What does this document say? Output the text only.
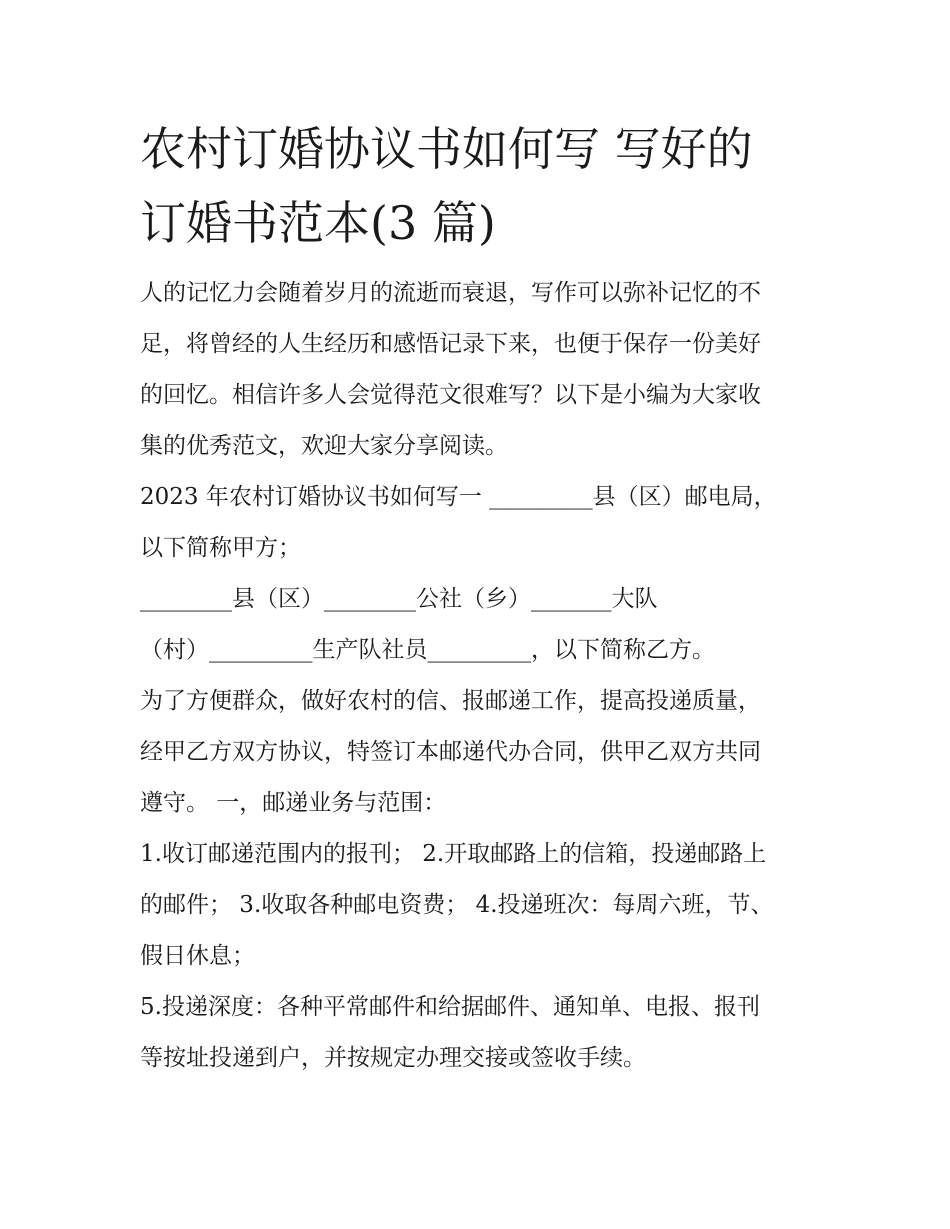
农村订婚协议书如何写 写好的
订婚书范本(3 篇)

人的记忆力会随着岁月的流逝而衰退，写作可以弥补记忆的不
足，将曾经的人生经历和感悟记录下来，也便于保存一份美好
的回忆。相信许多人会觉得范文很难写？以下是小编为大家收
集的优秀范文，欢迎大家分享阅读。

2023 年农村订婚协议书如何写一 _________县（区）邮电局，
以下简称甲方；

________县（区）________公社（乡）_______大队
（村）_________生产队社员_________，以下简称乙方。

为了方便群众，做好农村的信、报邮递工作，提高投递质量，
经甲乙方双方协议，特签订本邮递代办合同，供甲乙双方共同
遵守。 一，邮递业务与范围：

1.收订邮递范围内的报刊； 2.开取邮路上的信箱，投递邮路上
的邮件； 3.收取各种邮电资费； 4.投递班次：每周六班，节、
假日休息；

5.投递深度：各种平常邮件和给据邮件、通知单、电报、报刊
等按址投递到户，并按规定办理交接或签收手续。
